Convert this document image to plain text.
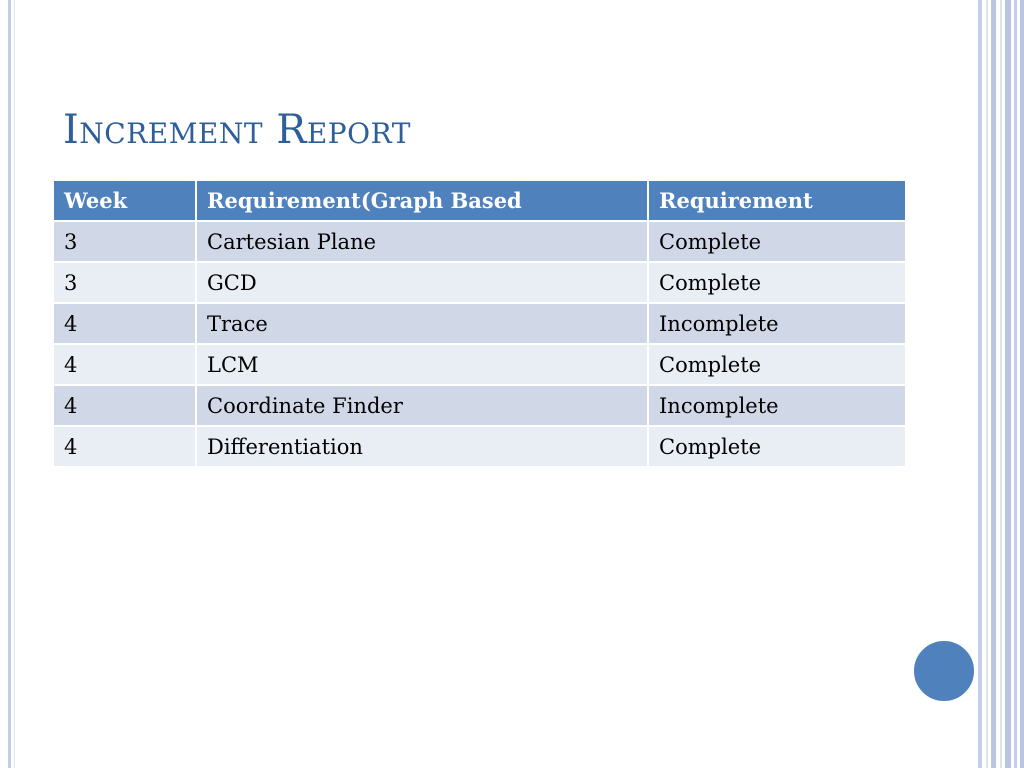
Increment Report
Week	Requirement(Graph Based	Requirement
3	Cartesian Plane	Complete
3	GCD	Complete
4	Trace	Incomplete
4	LCM	Complete
4	Coordinate Finder	Incomplete
4	Differentiation	Complete
